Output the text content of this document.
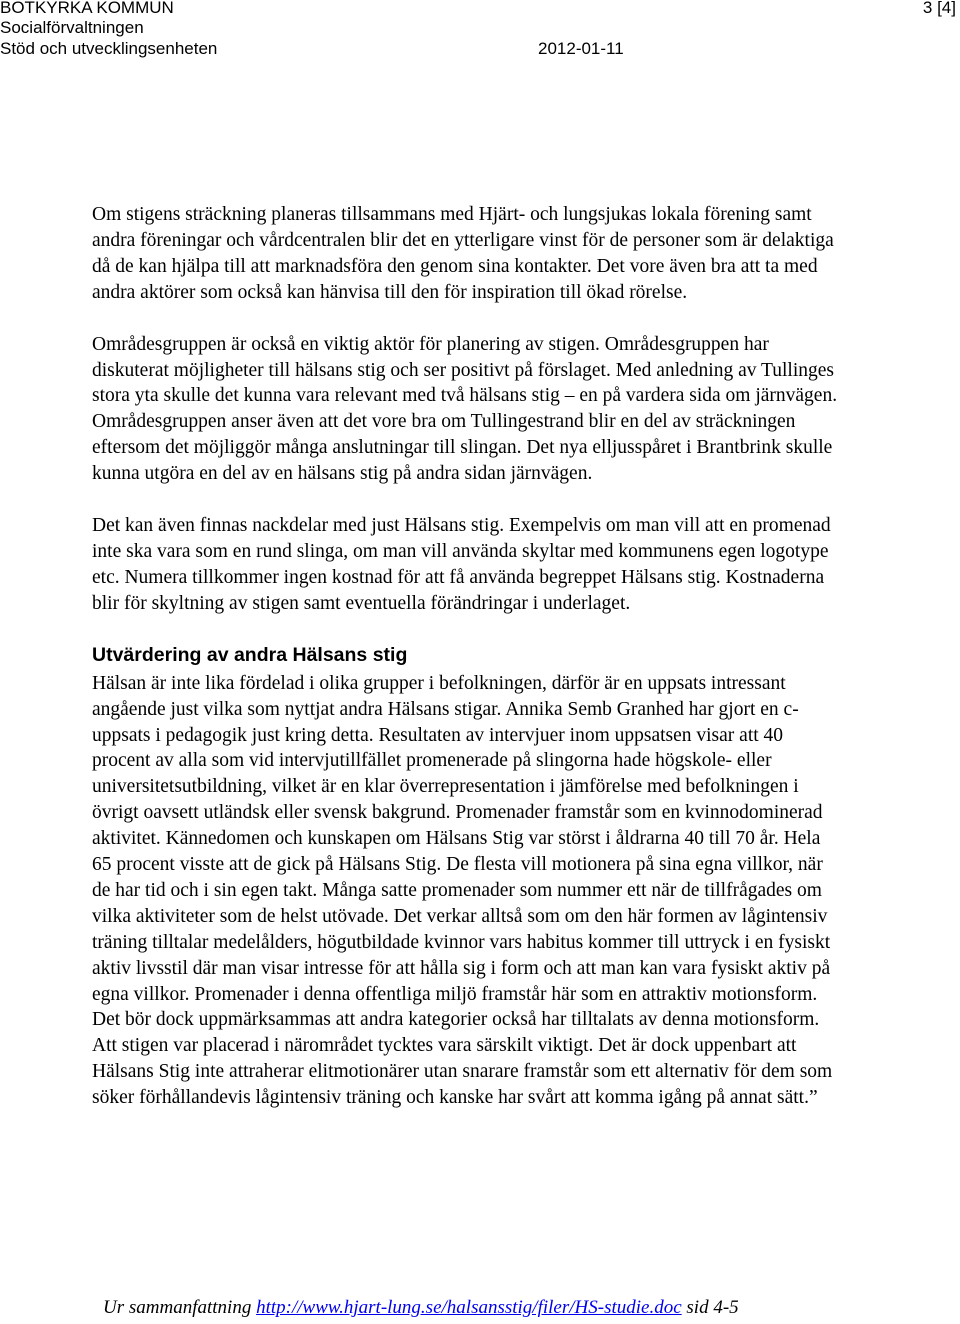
BOTKYRKA KOMMUN	3 [4]
Socialförvaltningen
Stöd och utvecklingsenheten	2012-01-11

Om stigens sträckning planeras tillsammans med Hjärt- och lungsjukas lokala förening samt andra föreningar och vårdcentralen blir det en ytterligare vinst för de personer som är delaktiga då de kan hjälpa till att marknadsföra den genom sina kontakter. Det vore även bra att ta med andra aktörer som också kan hänvisa till den för inspiration till ökad rörelse.

Områdesgruppen är också en viktig aktör för planering av stigen. Områdesgruppen har diskuterat möjligheter till hälsans stig och ser positivt på förslaget. Med anledning av Tullinges stora yta skulle det kunna vara relevant med två hälsans stig – en på vardera sida om järnvägen. Områdesgruppen anser även att det vore bra om Tullingestrand blir en del av sträckningen eftersom det möjliggör många anslutningar till slingan. Det nya elljusspåret i Brantbrink skulle kunna utgöra en del av en hälsans stig på andra sidan järnvägen.

Det kan även finnas nackdelar med just Hälsans stig. Exempelvis om man vill att en promenad inte ska vara som en rund slinga, om man vill använda skyltar med kommunens egen logotype etc. Numera tillkommer ingen kostnad för att få använda begreppet Hälsans stig. Kostnaderna blir för skyltning av stigen samt eventuella förändringar i underlaget.

Utvärdering av andra Hälsans stig

Hälsan är inte lika fördelad i olika grupper i befolkningen, därför är en uppsats intressant angående just vilka som nyttjat andra Hälsans stigar. Annika Semb Granhed har gjort en c-uppsats i pedagogik just kring detta. Resultaten av intervjuer inom uppsatsen visar att 40 procent av alla som vid intervjutillfället promenerade på slingorna hade högskole- eller universitetsutbildning, vilket är en klar överrepresentation i jämförelse med befolkningen i övrigt oavsett utländsk eller svensk bakgrund. Promenader framstår som en kvinnodominerad aktivitet. Kännedomen och kunskapen om Hälsans Stig var störst i åldrarna 40 till 70 år. Hela 65 procent visste att de gick på Hälsans Stig. De flesta vill motionera på sina egna villkor, när de har tid och i sin egen takt. Många satte promenader som nummer ett när de tillfrågades om vilka aktiviteter som de helst utövade. Det verkar alltså som om den här formen av lågintensiv träning tilltalar medelålders, högutbildade kvinnor vars habitus kommer till uttryck i en fysiskt aktiv livsstil där man visar intresse för att hålla sig i form och att man kan vara fysiskt aktiv på egna villkor. Promenader i denna offentliga miljö framstår här som en attraktiv motionsform. Det bör dock uppmärksammas att andra kategorier också har tilltalats av denna motionsform. Att stigen var placerad i närområdet tycktes vara särskilt viktigt. Det är dock uppenbart att Hälsans Stig inte attraherar elitmotionärer utan snarare framstår som ett alternativ för dem som söker förhållandevis lågintensiv träning och kanske har svårt att komma igång på annat sätt.”

Ur sammanfattning http://www.hjart-lung.se/halsansstig/filer/HS-studie.doc sid 4-5
